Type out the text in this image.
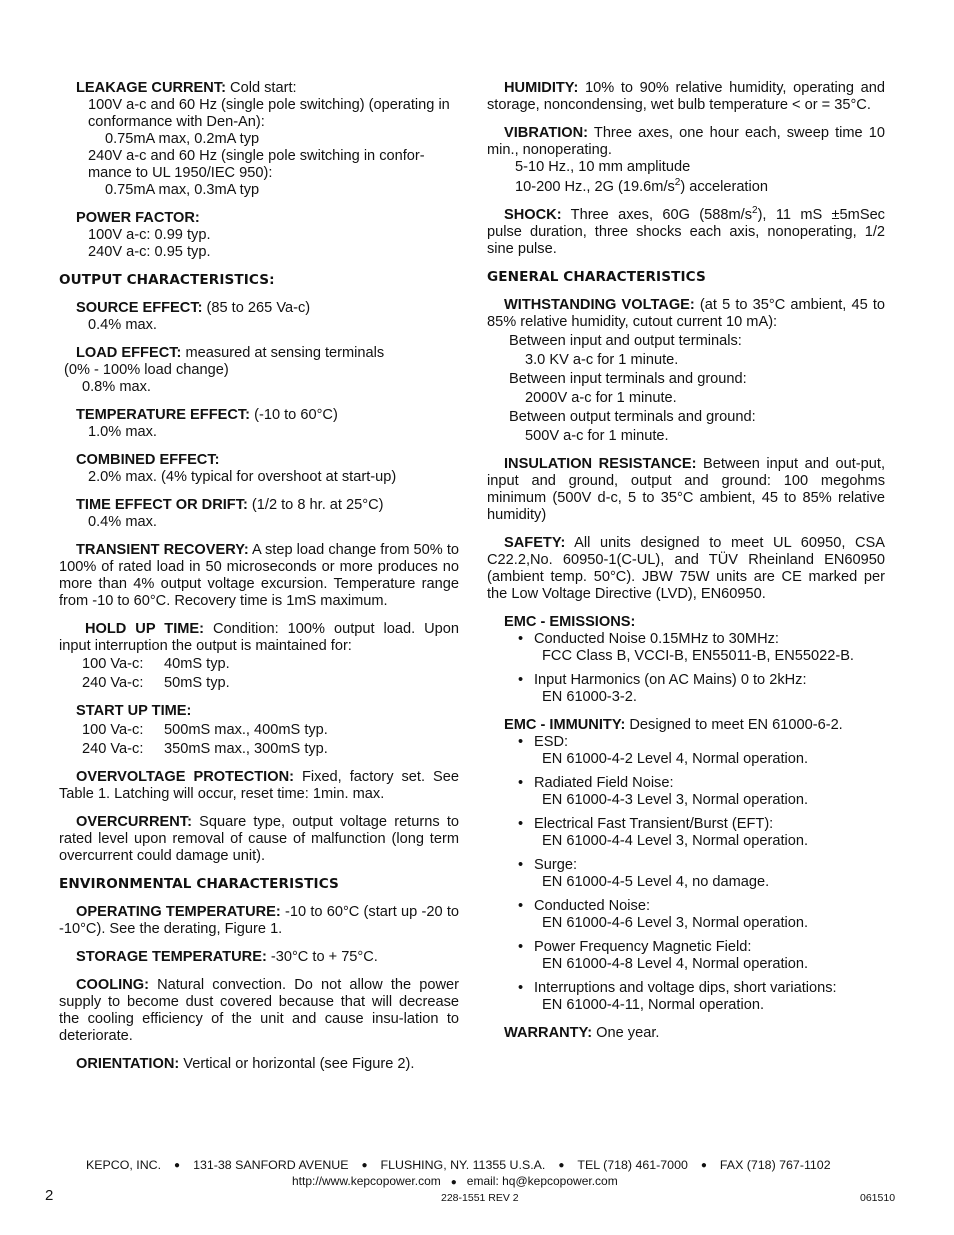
LEAKAGE CURRENT: Cold start:

100V a-c and 60 Hz (single pole switching) (operating in conformance with Den-An):

0.75mA max, 0.2mA typ

240V a-c and 60 Hz (single pole switching in confor-mance to UL 1950/IEC 950):

0.75mA max, 0.3mA typ

POWER FACTOR:

100V a-c: 0.99 typ.

240V a-c: 0.95 typ.

OUTPUT CHARACTERISTICS:

SOURCE EFFECT: (85 to 265 Va-c)

0.4% max.

LOAD EFFECT: measured at sensing terminals

(0% - 100% load change)

0.8% max.

TEMPERATURE EFFECT: (-10 to 60°C)

1.0% max.

COMBINED EFFECT:

2.0% max. (4% typical for overshoot at start-up)

TIME EFFECT OR DRIFT: (1/2 to 8 hr. at 25°C)

0.4% max.

TRANSIENT RECOVERY: A step load change from 50% to 100% of rated load in 50 microseconds or more produces no more than 4% output voltage excursion. Temperature range from -10 to 60°C. Recovery time is 1mS maximum.

HOLD UP TIME: Condition: 100% output load. Upon input interruption the output is maintained for:

100 Va-c: 40mS typ.

240 Va-c: 50mS typ.

START UP TIME:

100 Va-c: 500mS max., 400mS typ.

240 Va-c: 350mS max., 300mS typ.

OVERVOLTAGE PROTECTION: Fixed, factory set. See Table 1. Latching will occur, reset time: 1min. max.

OVERCURRENT: Square type, output voltage returns to rated level upon removal of cause of malfunction (long term overcurrent could damage unit).

ENVIRONMENTAL CHARACTERISTICS

OPERATING TEMPERATURE: -10 to 60°C (start up -20 to -10°C). See the derating, Figure 1.

STORAGE TEMPERATURE: -30°C to + 75°C.

COOLING: Natural convection. Do not allow the power supply to become dust covered because that will decrease the cooling efficiency of the unit and cause insu-lation to deteriorate.

ORIENTATION: Vertical or horizontal (see Figure 2).

HUMIDITY: 10% to 90% relative humidity, operating and storage, noncondensing, wet bulb temperature < or = 35°C.

VIBRATION: Three axes, one hour each, sweep time 10 min., nonoperating.

5-10 Hz., 10 mm amplitude

10-200 Hz., 2G $(19.6m/s^2)$ acceleration

SHOCK: Three axes, 60G $(588m/s^2)$, 11 mS ±5mSec pulse duration, three shocks each axis, nonoperating, 1/2 sine pulse.

GENERAL CHARACTERISTICS

WITHSTANDING VOLTAGE: (at 5 to 35°C ambient, 45 to 85% relative humidity, cutout current 10 mA):

Between input and output terminals:

3.0 KV a-c for 1 minute.

Between input terminals and ground:

2000V a-c for 1 minute.

Between output terminals and ground:

500V a-c for 1 minute.

INSULATION RESISTANCE: Between input and out-put, input and ground, output and ground: 100 megohms minimum (500V d-c, 5 to 35°C ambient, 45 to 85% relative humidity)

SAFETY: All units designed to meet UL 60950, CSA C22.2,No. 60950-1(C-UL), and TÜV Rheinland EN60950 (ambient temp. 50°C). JBW 75W units are CE marked per the Low Voltage Directive (LVD), EN60950.

EMC - EMISSIONS:

• Conducted Noise 0.15MHz to 30MHz:

FCC Class B, VCCI-B, EN55011-B, EN55022-B.

• Input Harmonics (on AC Mains) 0 to 2kHz:

EN 61000-3-2.

EMC - IMMUNITY: Designed to meet EN 61000-6-2.

• ESD:

EN 61000-4-2 Level 4, Normal operation.

• Radiated Field Noise:

EN 61000-4-3 Level 3, Normal operation.

• Electrical Fast Transient/Burst (EFT):

EN 61000-4-4 Level 3, Normal operation.

• Surge:

EN 61000-4-5 Level 4, no damage.

• Conducted Noise:

EN 61000-4-6 Level 3, Normal operation.

• Power Frequency Magnetic Field:

EN 61000-4-8 Level 4, Normal operation.

• Interruptions and voltage dips, short variations:

EN 61000-4-11, Normal operation.

WARRANTY: One year.

KEPCO, INC. ● 131-38 SANFORD AVENUE ● FLUSHING, NY. 11355 U.S.A. ● TEL (718) 461-7000 ● FAX (718) 767-1102
http://www.kepcopower.com ● email: hq@kepcopower.com
2	228-1551 REV 2	061510
